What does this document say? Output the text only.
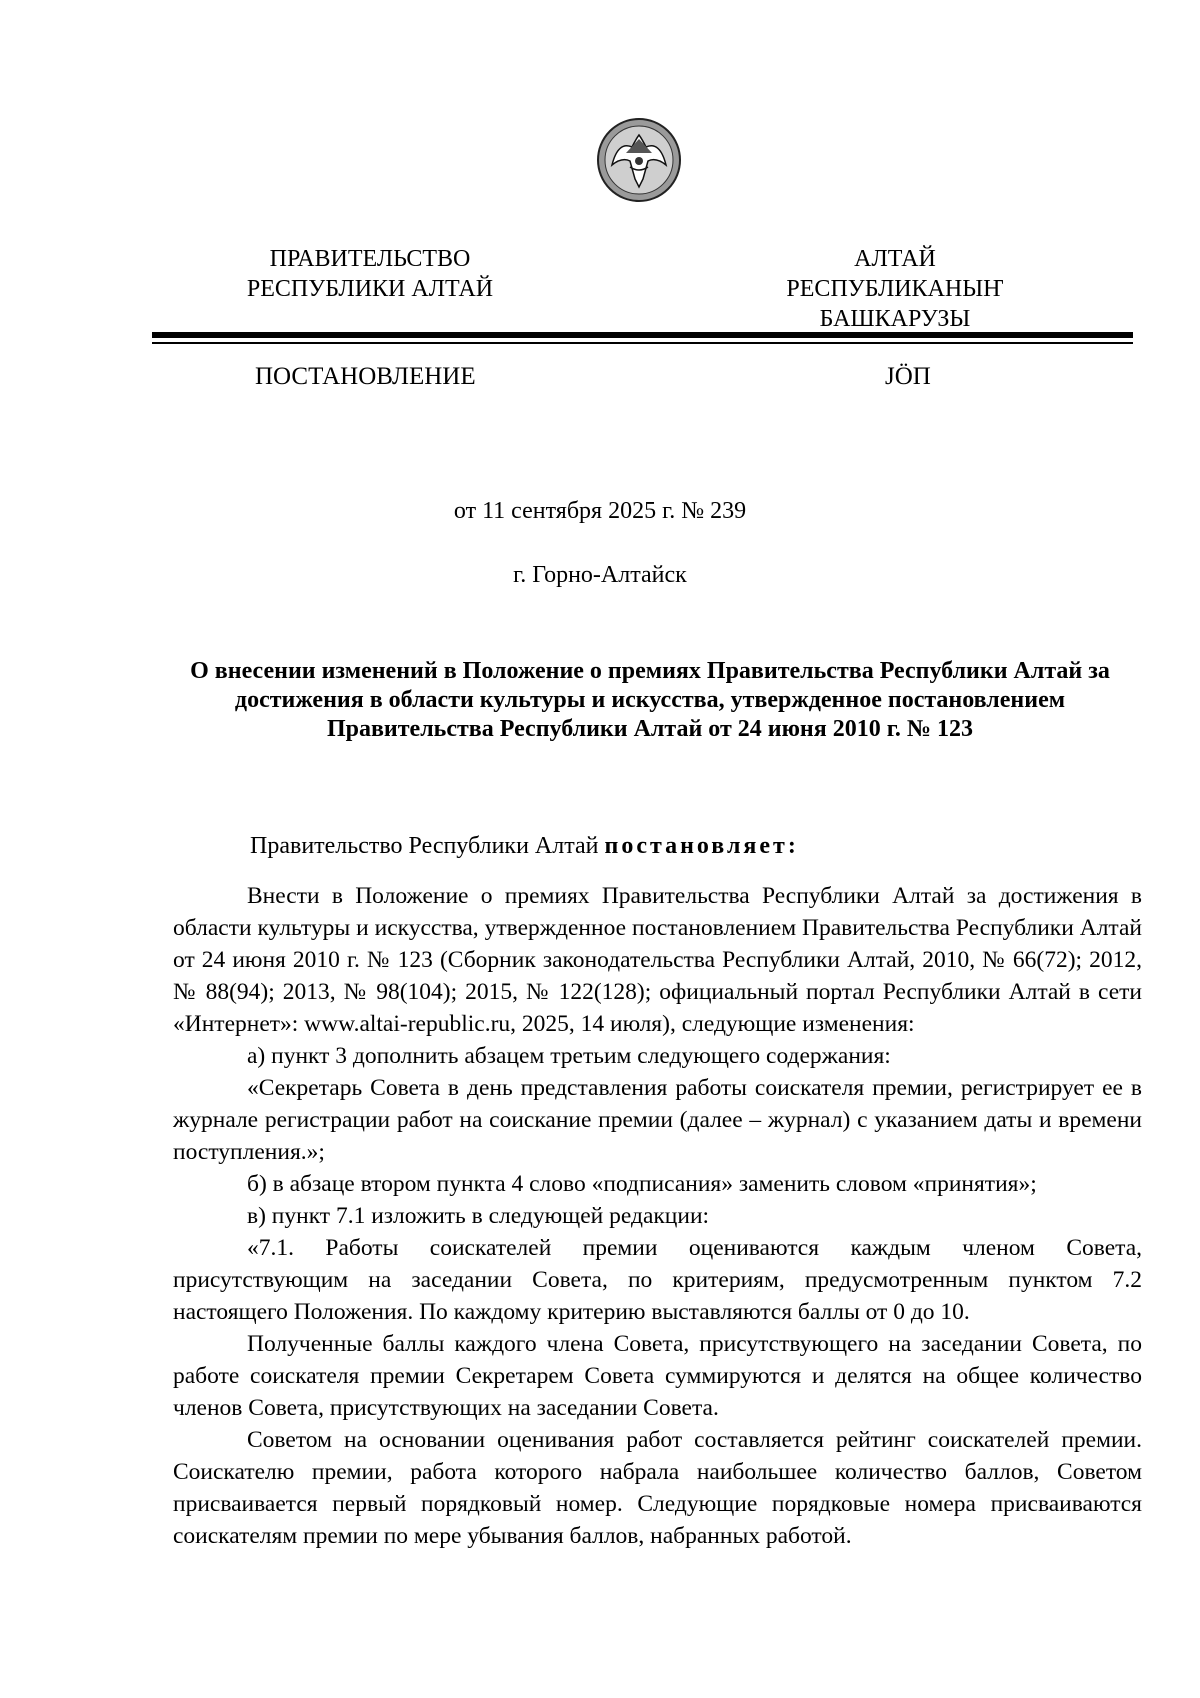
ПРАВИТЕЛЬСТВО
РЕСПУБЛИКИ АЛТАЙ
АЛТАЙ РЕСПУБЛИКАНЫҤ
БАШКАРУЗЫ
ПОСТАНОВЛЕНИЕ	JӦП
от 11 сентября 2025 г. № 239
г. Горно-Алтайск
О внесении изменений в Положение о премиях Правительства Республики Алтай за
достижения в области культуры и искусства, утвержденное постановлением
Правительства Республики Алтай от 24 июня 2010 г. № 123
Правительство Республики Алтай постановляет:

Внести в Положение о премиях Правительства Республики Алтай за достижения в области культуры и искусства, утвержденное постановлением Правительства Республики Алтай от 24 июня 2010 г. № 123 (Сборник законодательства Республики Алтай, 2010, № 66(72); 2012, № 88(94); 2013, № 98(104); 2015, № 122(128); официальный портал Республики Алтай в сети «Интернет»: www.altai-republic.ru, 2025, 14 июля), следующие изменения:

а) пункт 3 дополнить абзацем третьим следующего содержания:

«Секретарь Совета в день представления работы соискателя премии, регистрирует ее в журнале регистрации работ на соискание премии (далее – журнал) с указанием даты и времени поступления.»;

б) в абзаце втором пункта 4 слово «подписания» заменить словом «принятия»;

в) пункт 7.1 изложить в следующей редакции:

«7.1. Работы соискателей премии оцениваются каждым членом Совета, присутствующим на заседании Совета, по критериям, предусмотренным пунктом 7.2 настоящего Положения. По каждому критерию выставляются баллы от 0 до 10.

Полученные баллы каждого члена Совета, присутствующего на заседании Совета, по работе соискателя премии Секретарем Совета суммируются и делятся на общее количество членов Совета, присутствующих на заседании Совета.

Советом на основании оценивания работ составляется рейтинг соискателей премии. Соискателю премии, работа которого набрала наибольшее количество баллов, Советом присваивается первый порядковый номер. Следующие порядковые номера присваиваются соискателям премии по мере убывания баллов, набранных работой.
